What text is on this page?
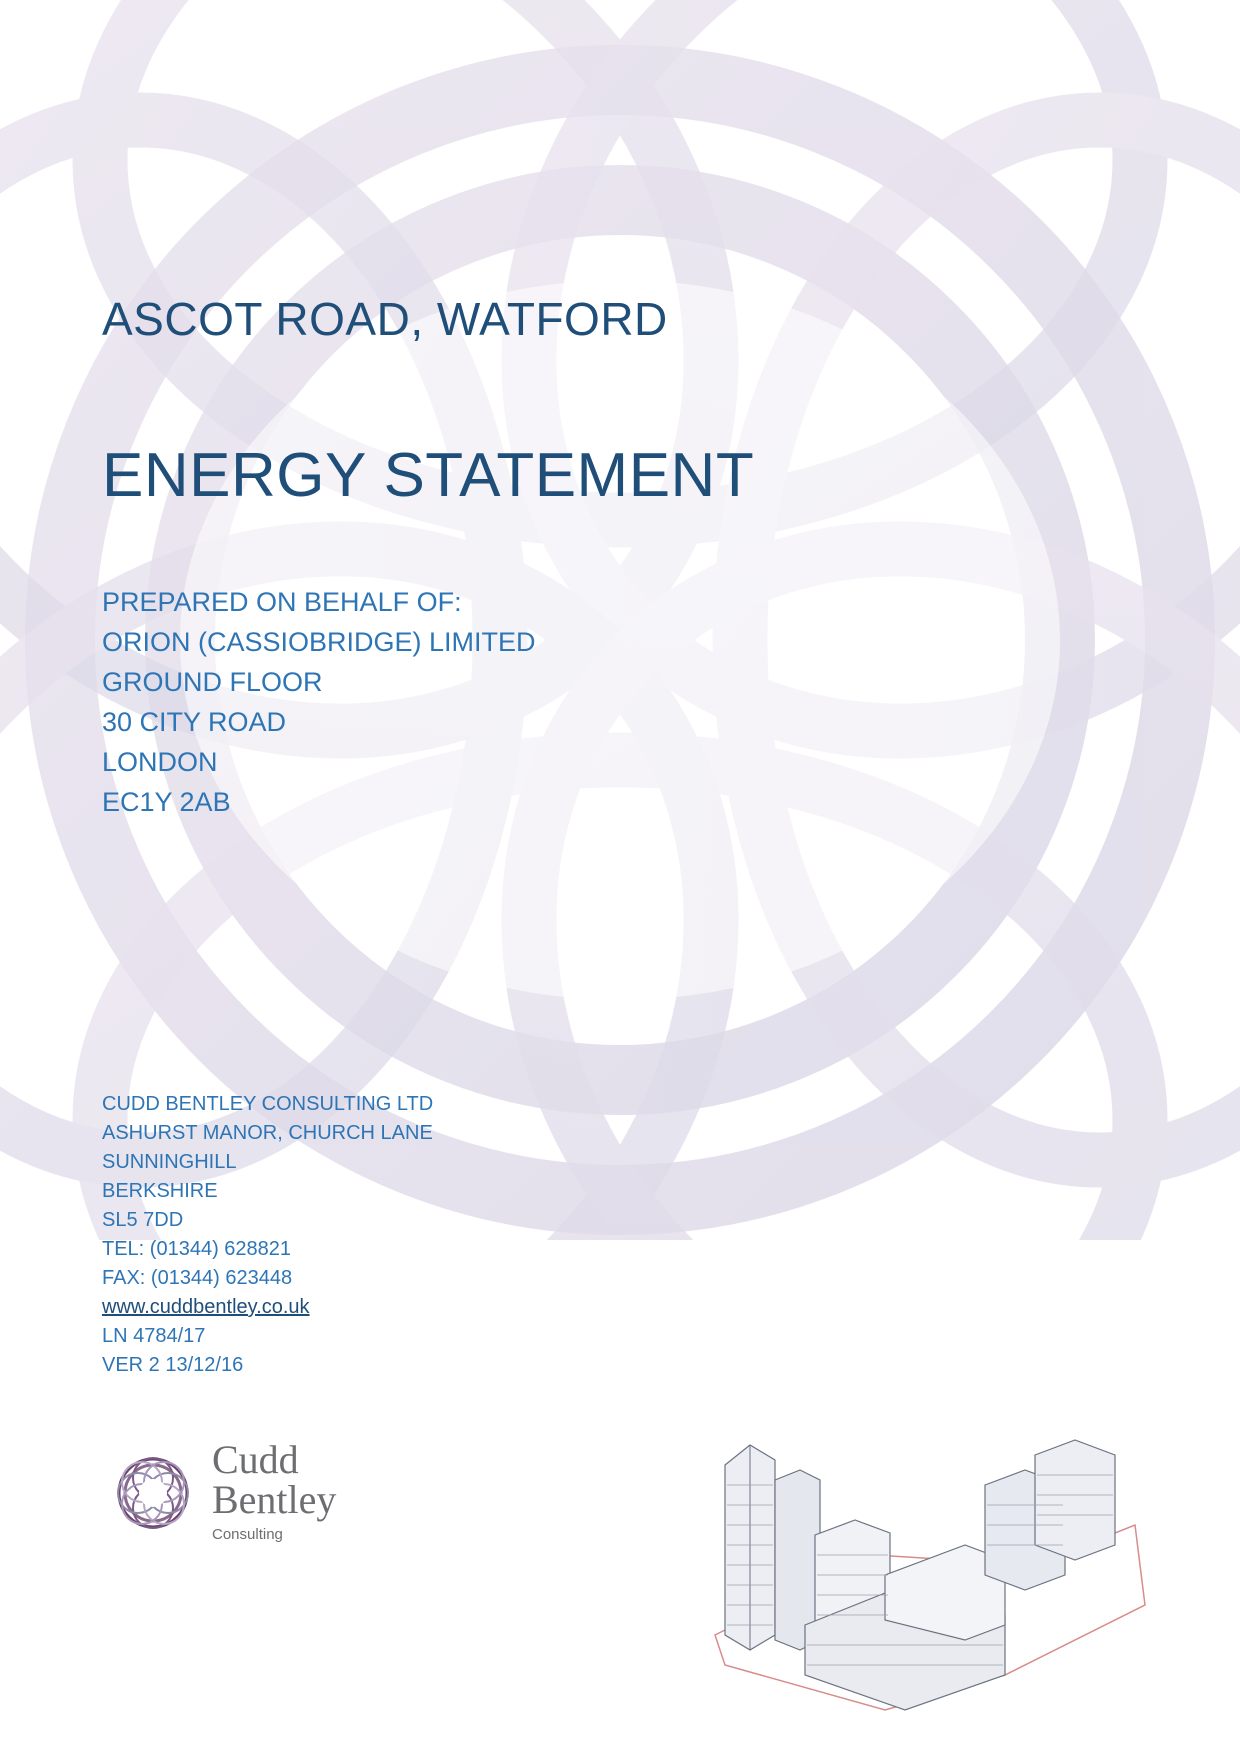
ASCOT ROAD, WATFORD
ENERGY STATEMENT
PREPARED ON BEHALF OF:
ORION (CASSIOBRIDGE) LIMITED
GROUND FLOOR
30 CITY ROAD
LONDON
EC1Y 2AB
CUDD BENTLEY CONSULTING LTD
ASHURST MANOR, CHURCH LANE
SUNNINGHILL
BERKSHIRE
SL5 7DD
TEL: (01344) 628821
FAX: (01344) 623448
www.cuddbentley.co.uk
LN 4784/17
VER 2 13/12/16
Cudd
Bentley
Consulting
